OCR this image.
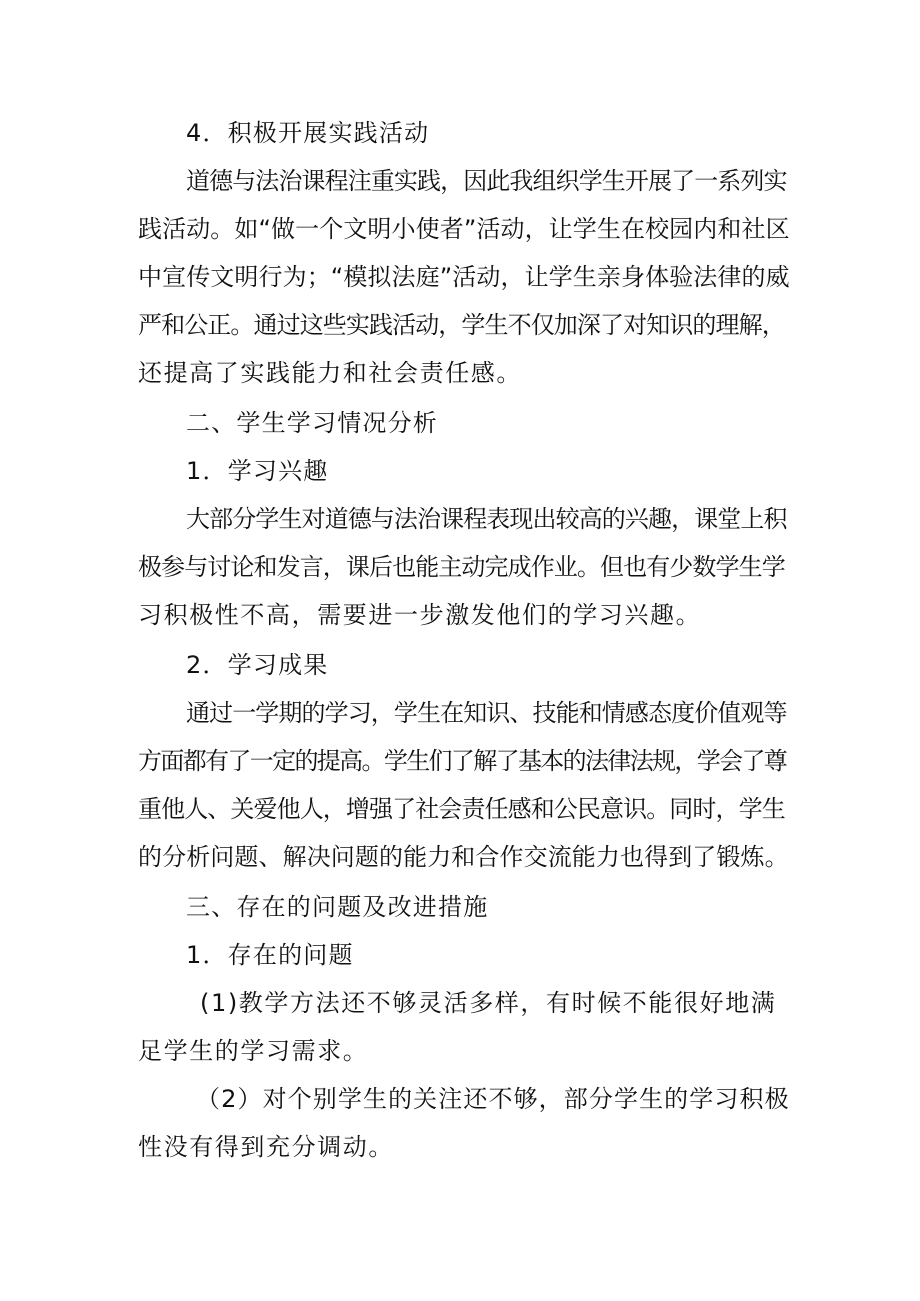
4．积极开展实践活动
道德与法治课程注重实践，因此我组织学生开展了一系列实
践活动。如“做一个文明小使者”活动，让学生在校园内和社区
中宣传文明行为；“模拟法庭”活动，让学生亲身体验法律的威
严和公正。通过这些实践活动，学生不仅加深了对知识的理解，
还提高了实践能力和社会责任感。
二、学生学习情况分析
1．学习兴趣
大部分学生对道德与法治课程表现出较高的兴趣，课堂上积
极参与讨论和发言，课后也能主动完成作业。但也有少数学生学
习积极性不高，需要进一步激发他们的学习兴趣。
2．学习成果
通过一学期的学习，学生在知识、技能和情感态度价值观等
方面都有了一定的提高。学生们了解了基本的法律法规，学会了尊
重他人、关爱他人，增强了社会责任感和公民意识。同时，学生
的分析问题、解决问题的能力和合作交流能力也得到了锻炼。
三、存在的问题及改进措施
1．存在的问题
(1)教学方法还不够灵活多样，有时候不能很好地满
足学生的学习需求。
（2）对个别学生的关注还不够，部分学生的学习积极
性没有得到充分调动。
